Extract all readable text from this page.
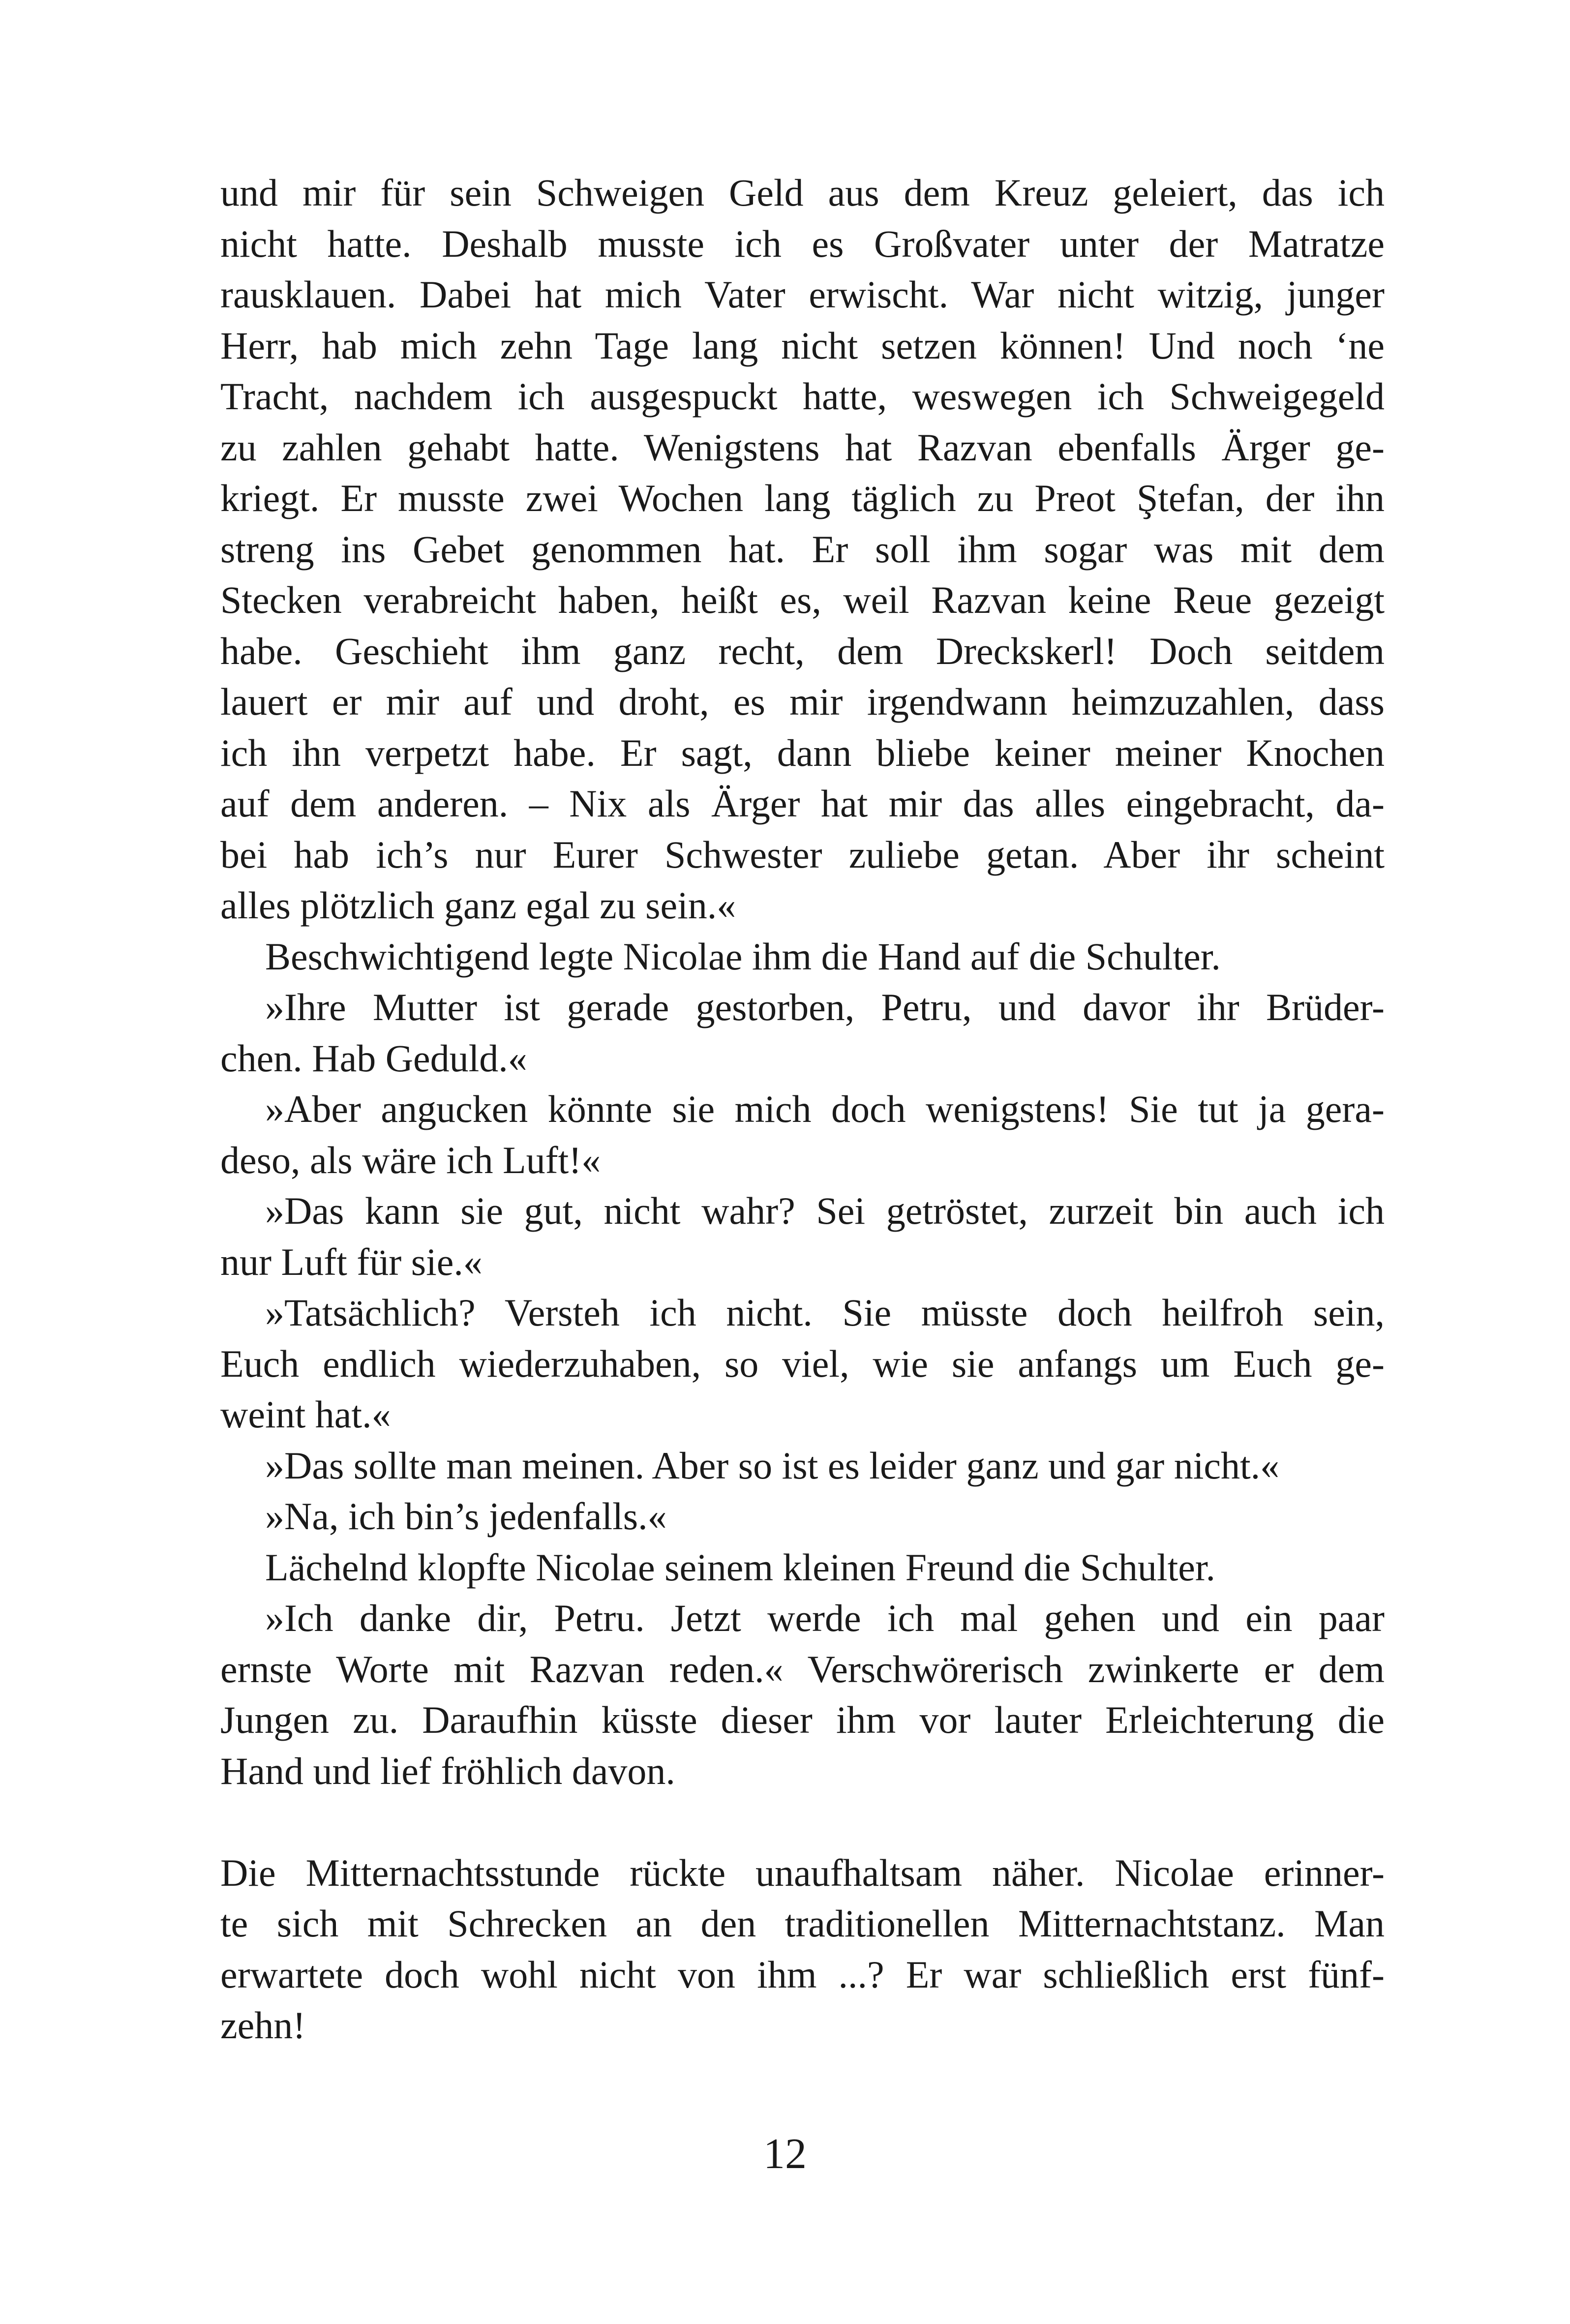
und mir für sein Schweigen Geld aus dem Kreuz geleiert, das ich
nicht hatte. Deshalb musste ich es Großvater unter der Matratze
rausklauen. Dabei hat mich Vater erwischt. War nicht witzig, junger
Herr, hab mich zehn Tage lang nicht setzen können! Und noch ‘ne
Tracht, nachdem ich ausgespuckt hatte, weswegen ich Schweigegeld
zu zahlen gehabt hatte. Wenigstens hat Razvan ebenfalls Ärger ge-
kriegt. Er musste zwei Wochen lang täglich zu Preot Ştefan, der ihn
streng ins Gebet genommen hat. Er soll ihm sogar was mit dem
Stecken verabreicht haben, heißt es, weil Razvan keine Reue gezeigt
habe. Geschieht ihm ganz recht, dem Dreckskerl! Doch seitdem
lauert er mir auf und droht, es mir irgendwann heimzuzahlen, dass
ich ihn verpetzt habe. Er sagt, dann bliebe keiner meiner Knochen
auf dem anderen. – Nix als Ärger hat mir das alles eingebracht, da-
bei hab ich’s nur Eurer Schwester zuliebe getan. Aber ihr scheint
alles plötzlich ganz egal zu sein.«
Beschwichtigend legte Nicolae ihm die Hand auf die Schulter.
»Ihre Mutter ist gerade gestorben, Petru, und davor ihr Brüder-
chen. Hab Geduld.«
»Aber angucken könnte sie mich doch wenigstens! Sie tut ja gera-
deso, als wäre ich Luft!«
»Das kann sie gut, nicht wahr? Sei getröstet, zurzeit bin auch ich
nur Luft für sie.«
»Tatsächlich? Versteh ich nicht. Sie müsste doch heilfroh sein,
Euch endlich wiederzuhaben, so viel, wie sie anfangs um Euch ge-
weint hat.«
»Das sollte man meinen. Aber so ist es leider ganz und gar nicht.«
»Na, ich bin’s jedenfalls.«
Lächelnd klopfte Nicolae seinem kleinen Freund die Schulter.
»Ich danke dir, Petru. Jetzt werde ich mal gehen und ein paar
ernste Worte mit Razvan reden.« Verschwörerisch zwinkerte er dem
Jungen zu. Daraufhin küsste dieser ihm vor lauter Erleichterung die
Hand und lief fröhlich davon.
Die Mitternachtsstunde rückte unaufhaltsam näher. Nicolae erinner-
te sich mit Schrecken an den traditionellen Mitternachtstanz. Man
erwartete doch wohl nicht von ihm ...? Er war schließlich erst fünf-
zehn!
12
